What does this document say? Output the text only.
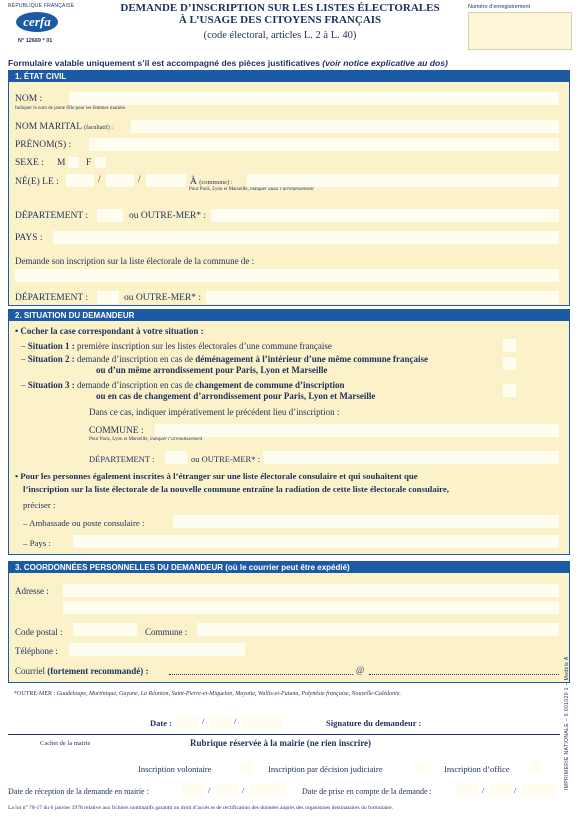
RÉPUBLIQUE FRANÇAISE
cerfa
N° 12669 * 01
DEMANDE D’INSCRIPTION SUR LES LISTES ÉLECTORALES
À L’USAGE DES CITOYENS FRANÇAIS
(code électoral, articles L. 2 à L. 40)
Numéro d’enregistrement
Formulaire valable uniquement s’il est accompagné des pièces justificatives (voir notice explicative au dos)
1. ÉTAT CIVIL
NOM :
Indiquer le nom de jeune fille pour les femmes mariées
NOM MARITAL (facultatif) :
PRÉNOM(S) :
SEXE : M F
NÉ(E) LE :	/	/	À (commune) :
Pour Paris, Lyon et Marseille, indiquer aussi l’arrondissement
DÉPARTEMENT :	ou OUTRE-MER* :
PAYS :
Demande son inscription sur la liste électorale de la commune de :
DÉPARTEMENT :	ou OUTRE-MER* :
2. SITUATION DU DEMANDEUR
• Cocher la case correspondant à votre situation :
– Situation 1 : première inscription sur les listes électorales d’une commune française
– Situation 2 : demande d’inscription en cas de déménagement à l’intérieur d’une même commune française
ou d’un même arrondissement pour Paris, Lyon et Marseille
– Situation 3 : demande d’inscription en cas de changement de commune d’inscription
ou en cas de changement d’arrondissement pour Paris, Lyon et Marseille
Dans ce cas, indiquer impérativement le précédent lieu d’inscription :
COMMUNE :
Pour Paris, Lyon et Marseille, indiquer l’arrondissement
DÉPARTEMENT :	ou OUTRE-MER* :
• Pour les personnes également inscrites à l’étranger sur une liste électorale consulaire et qui souhaitent que
l’inscription sur la liste électorale de la nouvelle commune entraîne la radiation de cette liste électorale consulaire,
préciser :
– Ambassade ou poste consulaire :
– Pays :
3. COORDONNÉES PERSONNELLES DU DEMANDEUR (où le courrier peut être expédié)
Adresse :
Code postal :	Commune :
Téléphone :
Courriel (fortement recommandé) :	@
*OUTRE-MER : Guadeloupe, Martinique, Guyane, La Réunion, Saint-Pierre-et-Miquelon, Mayotte, Wallis-et-Futuna, Polynésie française, Nouvelle-Calédonie.
Date :	/	/	Signature du demandeur :
Cachet de la mairie	Rubrique réservée à la mairie (ne rien inscrire)
Inscription volontaire	Inscription par décision judiciaire	Inscription d’office
Date de réception de la demande en mairie :	/	/	Date de prise en compte de la demande :	/	/
La loi n° 78-17 du 6 janvier 1978 relative aux fichiers nominatifs garantit un droit d’accès et de rectification des données auprès des organismes destinataires du formulaire.
IMPRIMERIE NATIONALE – 6 001020 1 – Modèle A
